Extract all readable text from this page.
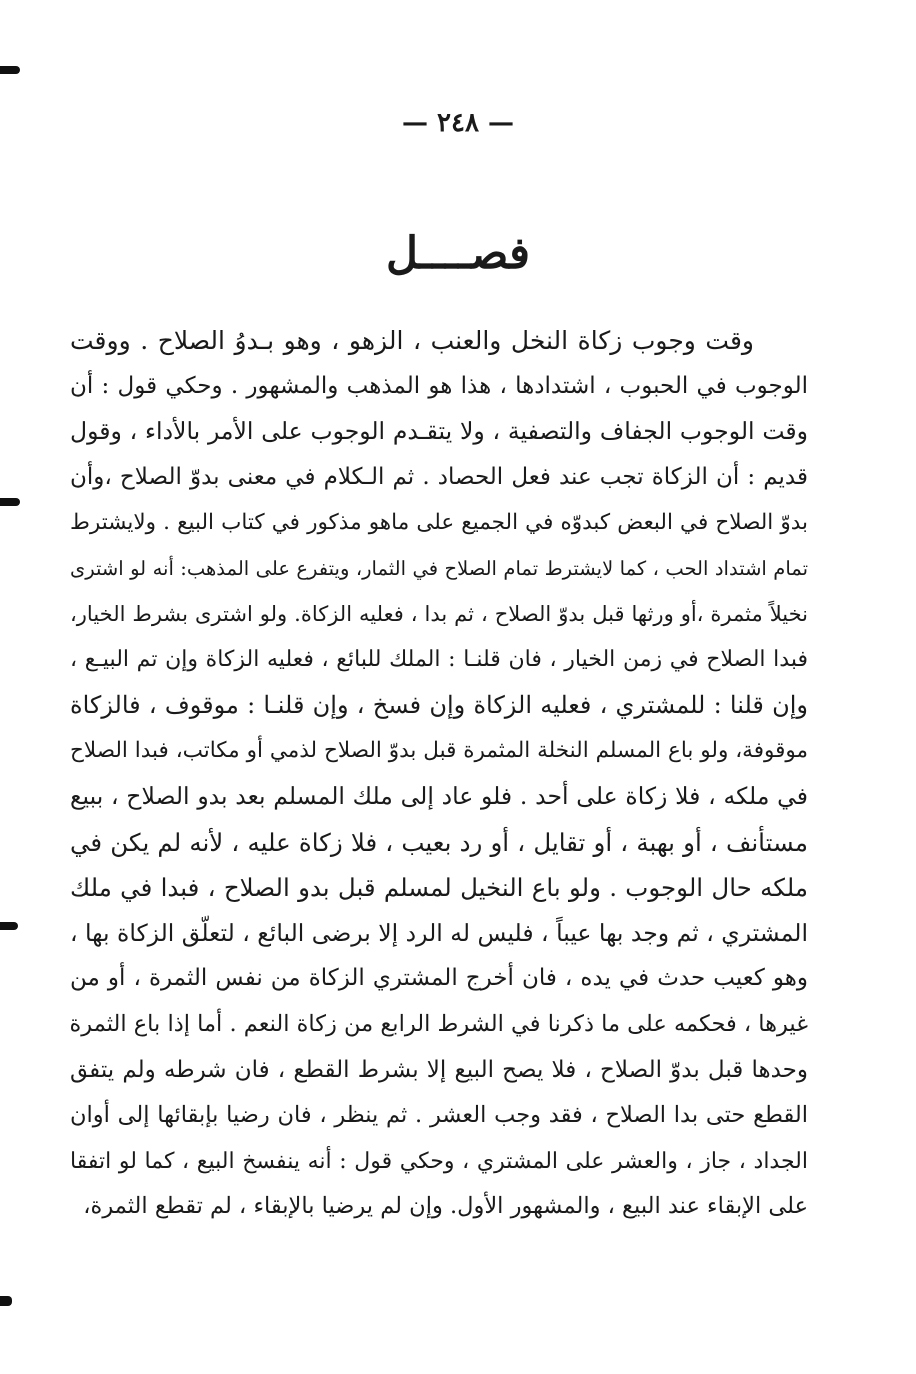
— ٢٤٨ —
فصــــل
وقت وجوب زكاة النخل والعنب ، الزهو ، وهو بـدوُ الصلاح . ووقت
الوجوب في الحبوب ، اشتدادها ، هذا هو المذهب والمشهور . وحكي قول : أن
وقت الوجوب الجفاف والتصفية ، ولا يتقـدم الوجوب على الأمر بالأداء ، وقول
قديم : أن الزكاة تجب عند فعل الحصاد . ثم الـكلام في معنى بدوّ الصلاح ،وأن
بدوّ الصلاح في البعض كبدوّه في الجميع على ماهو مذكور في كتاب البيع . ولايشترط
تمام اشتداد الحب ، كما لايشترط تمام الصلاح في الثمار، ويتفرع على المذهب: أنه لو اشترى
نخيلاً مثمرة ،أو ورثها قبل بدوّ الصلاح ، ثم بدا ، فعليه الزكاة. ولو اشترى بشرط الخيار،
فبدا الصلاح في زمن الخيار ، فان قلنـا : الملك للبائع ، فعليه الزكاة وإن تم البيـع ،
وإن قلنا : للمشتري ، فعليه الزكاة وإن فسخ ، وإن قلنـا : موقوف ، فالزكاة
موقوفة، ولو باع المسلم النخلة المثمرة قبل بدوّ الصلاح لذمي أو مكاتب، فبدا الصلاح
في ملكه ، فلا زكاة على أحد . فلو عاد إلى ملك المسلم بعد بدو الصلاح ، ببيع
مستأنف ، أو بهبة ، أو تقايل ، أو رد بعيب ، فلا زكاة عليه ، لأنه لم يكن في
ملكه حال الوجوب . ولو باع النخيل لمسلم قبل بدو الصلاح ، فبدا في ملك
المشتري ، ثم وجد بها عيباً ، فليس له الرد إلا برضى البائع ، لتعلّق الزكاة بها ،
وهو كعيب حدث في يده ، فان أخرج المشتري الزكاة من نفس الثمرة ، أو من
غيرها ، فحكمه على ما ذكرنا في الشرط الرابع من زكاة النعم . أما إذا باع الثمرة
وحدها قبل بدوّ الصلاح ، فلا يصح البيع إلا بشرط القطع ، فان شرطه ولم يتفق
القطع حتى بدا الصلاح ، فقد وجب العشر . ثم ينظر ، فان رضيا بإبقائها إلى أوان
الجداد ، جاز ، والعشر على المشتري ، وحكي قول : أنه ينفسخ البيع ، كما لو اتفقا
على الإبقاء عند البيع ، والمشهور الأول. وإن لم يرضيا بالإبقاء ، لم تقطع الثمرة،
